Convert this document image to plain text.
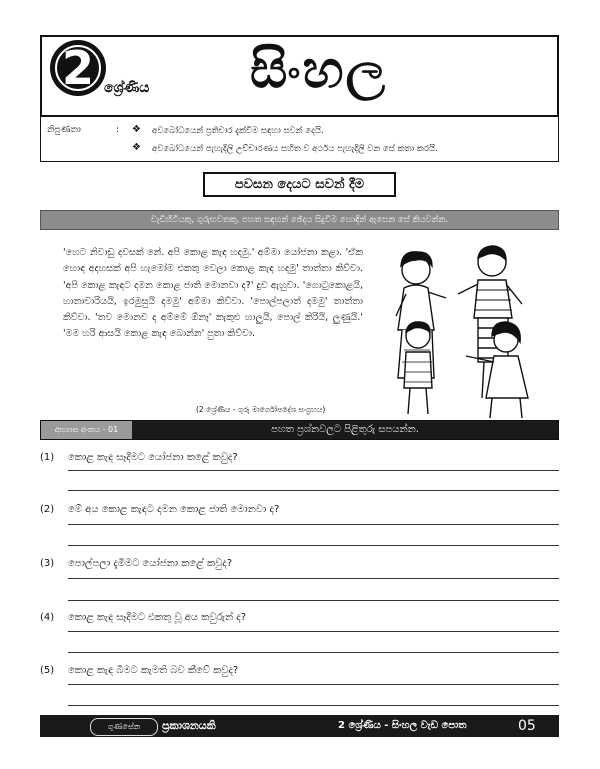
2 ශ්‍රේණිය සිංහල
නිපුණතා	: ❖ අවබෝධයෙන් ප්‍රතිචාර දැක්වීම සඳහා සවන් දෙයි.
❖ අවබෝධයෙන් පැහැදිලි උච්චාරණය සහිත ව අර්ථය පැහැදිලි වන සේ කතා කරයි.
පවසන දෙයට සවන් දීම
වැඩිහිටියකු, ගුරුභවතකු, පහත සඳහන් ඡේදය සිදුවීම හොඳින් ඇසෙන සේ කියවන්න.

'හෙට නිවාඩු දවසක් නේ. අපි කොළ කැඳ හදමු.' අම්මා යෝජනා කළා. 'ඒක හොඳ අදහසක් අපි හැමෝම එකතු වෙලා කොළ කැඳ හදමු' තාත්තා කිව්වා. 'අපි කොළ කැඳට දමන කොළ ජාති මොනවා ද?' දුව ඇහුවා. 'ගොටුකොළයි, හාතාවාරියයි, ඉරමුසුයි දමමු' අම්මා කිව්වා. 'පොල්පලාත් දමමු' තාත්තා කිව්වා. 'තව මොනව ද අම්මේ ඕනෑ' කැකුළු හාලුයි, පොල් කිරියි, ලුණුයි.' 'මම හරි ආසයි කොළ කැඳ බොන්න' පුතා කිව්වා.

(2 ශ්‍රේණිය - ගුරු මාර්ගෝපදේශ සංග්‍රහය)
අභ්‍යාස අංකය - 01	පහත ප්‍රශ්නවලට පිළිතුරු සපයන්න.
(1) කොළ කැඳ සෑදීමට යෝජනා කළේ කවුද?
(2) මේ අය කොළ කැඳට දමන කොළ ජාති මොනවා ද?
(3) පොල්පලා දැමීමට යෝජනා කළේ කවුද?
(4) කොළ කැඳ සෑදීමට එකතු වූ අය කවුරුන් ද?
(5) කොළ කැඳ බීමට කැමති බව කීවේ කවුද?
ගුණසේන	ප්‍රකාශනයකි	2 ශ්‍රේණිය - සිංහල වැඩ පොත	05
